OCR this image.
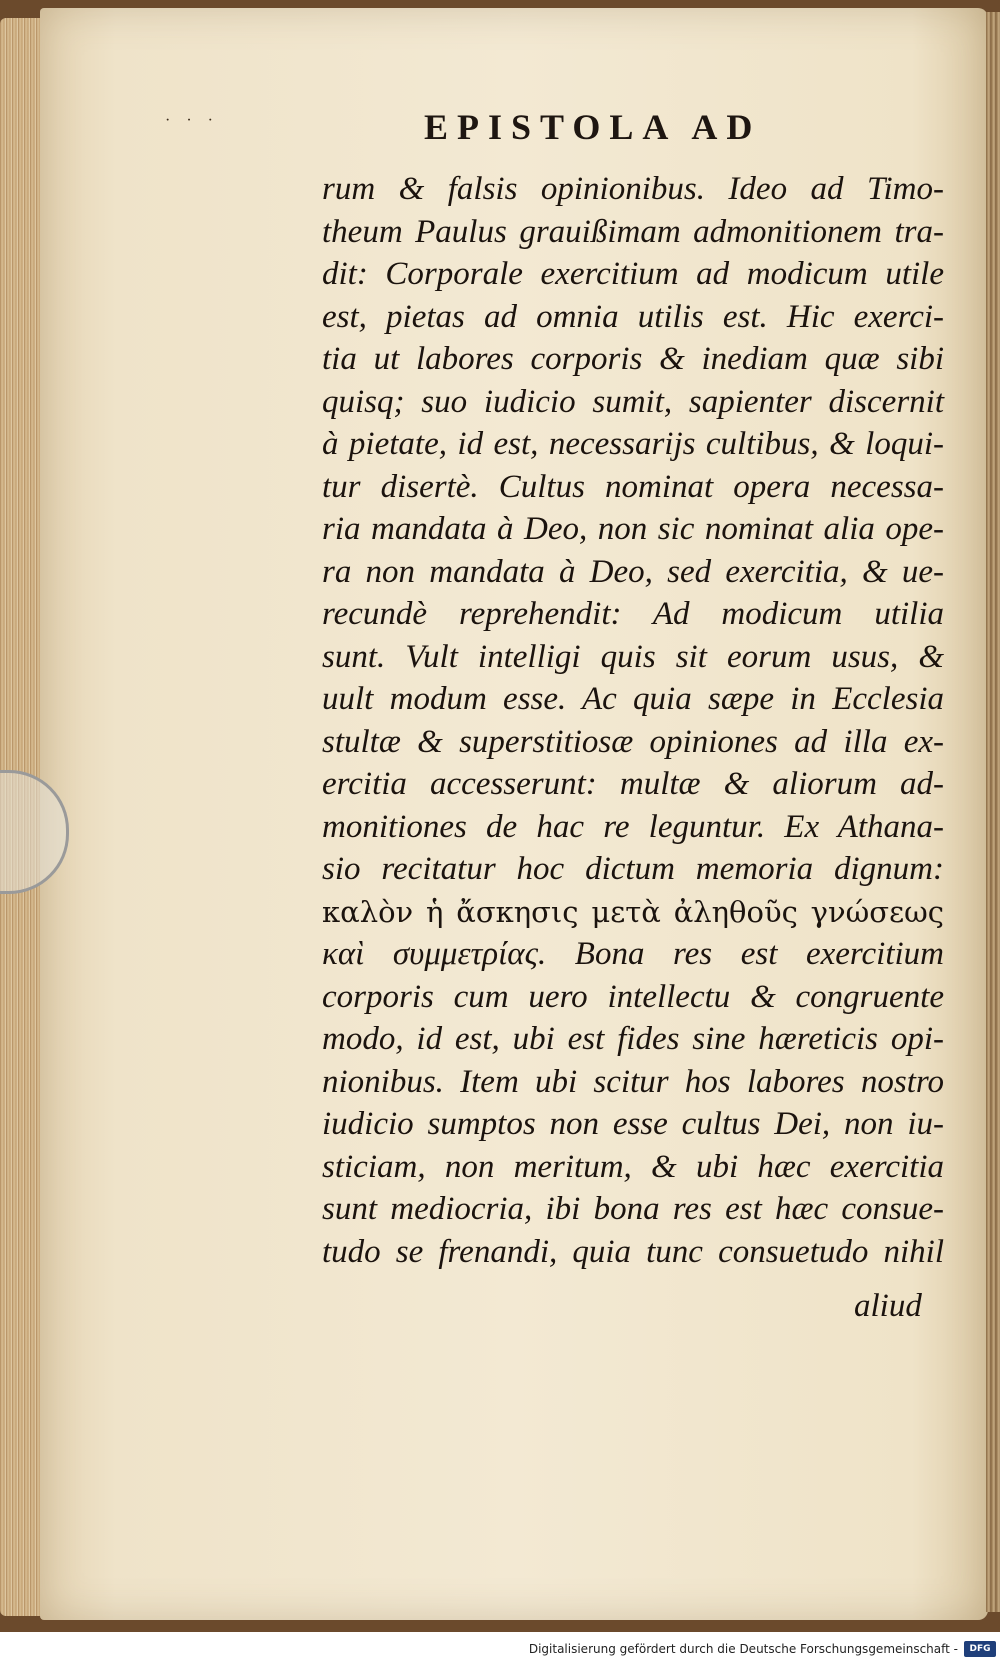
· · ·	EPISTOLA AD
rum & falsis opinionibus. Ideo ad Timo-
theum Paulus grauißimam admonitionem tra-
dit: Corporale exercitium ad modicum utile
est, pietas ad omnia utilis est. Hic exerci-
tia ut labores corporis & inediam quæ sibi
quisq; suo iudicio sumit, sapienter discernit
à pietate, id est, necessarijs cultibus, & loqui-
tur disertè. Cultus nominat opera necessa-
ria mandata à Deo, non sic nominat alia ope-
ra non mandata à Deo, sed exercitia, & ue-
recundè reprehendit: Ad modicum utilia
sunt. Vult intelligi quis sit eorum usus, &
uult modum esse. Ac quia sæpe in Ecclesia
stultæ & superstitiosæ opiniones ad illa ex-
ercitia accesserunt: multæ & aliorum ad-
monitiones de hac re leguntur. Ex Athana-
sio recitatur hoc dictum memoria dignum:
καλὸν ἡ ἄσκησις μετὰ ἀληθοῦς γνώσεως
καὶ συμμετρίας. Bona res est exercitium
corporis cum uero intellectu & congruente
modo, id est, ubi est fides sine hæreticis opi-
nionibus. Item ubi scitur hos labores nostro
iudicio sumptos non esse cultus Dei, non iu-
sticiam, non meritum, & ubi hæc exercitia
sunt mediocria, ibi bona res est hæc consue-
tudo se frenandi, quia tunc consuetudo nihil
aliud
Digitalisierung gefördert durch die Deutsche Forschungsgemeinschaft -	DFG
